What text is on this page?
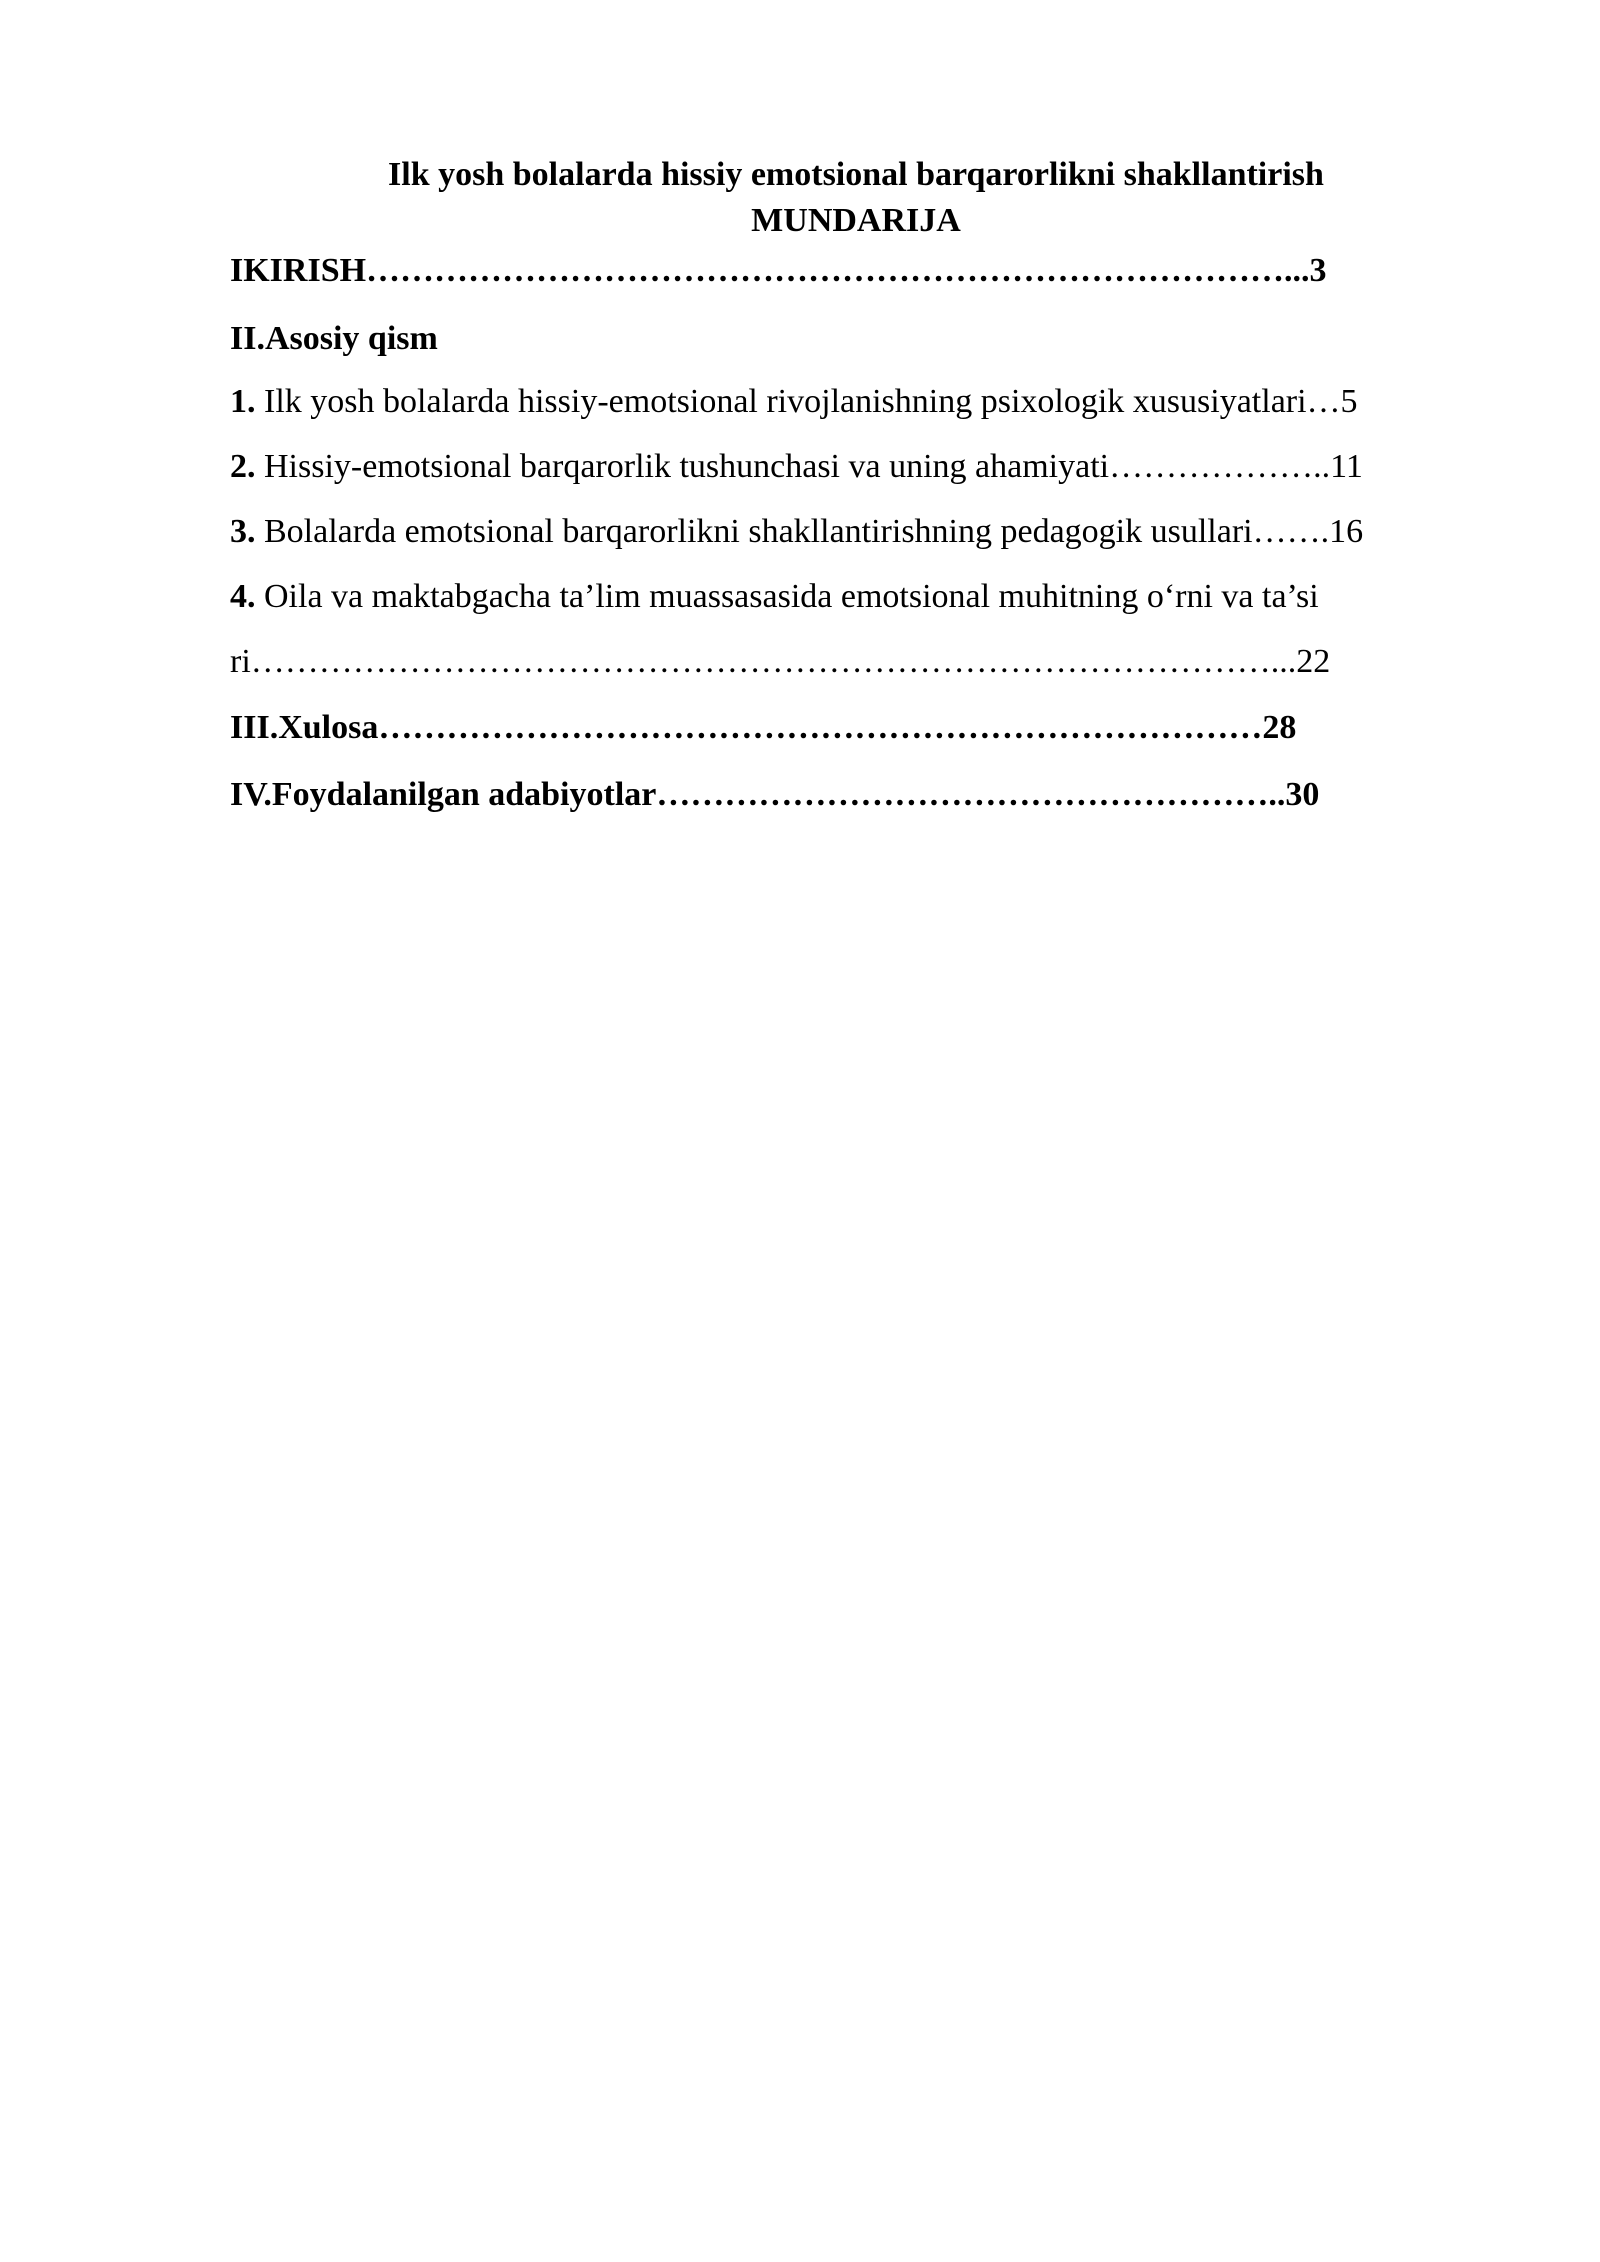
Ilk yosh bolalarda hissiy emotsional barqarorlikni shakllantirish

MUNDARIJA

IKIRISH………………………………………………………………………...3

II.Asosiy qism

1. Ilk yosh bolalarda hissiy-emotsional rivojlanishning psixologik xususiyatlari…5

2. Hissiy-emotsional barqarorlik tushunchasi va uning ahamiyati………………..11

3. Bolalarda emotsional barqarorlikni shakllantirishning pedagogik usullari…….16

4. Oila va maktabgacha ta’lim muassasasida emotsional muhitning o‘rni va ta’si

ri………………………………………………………………………………...22

III.Xulosa……………………………………………………………………28

IV.Foydalanilgan adabiyotlar………………………………………………..30
